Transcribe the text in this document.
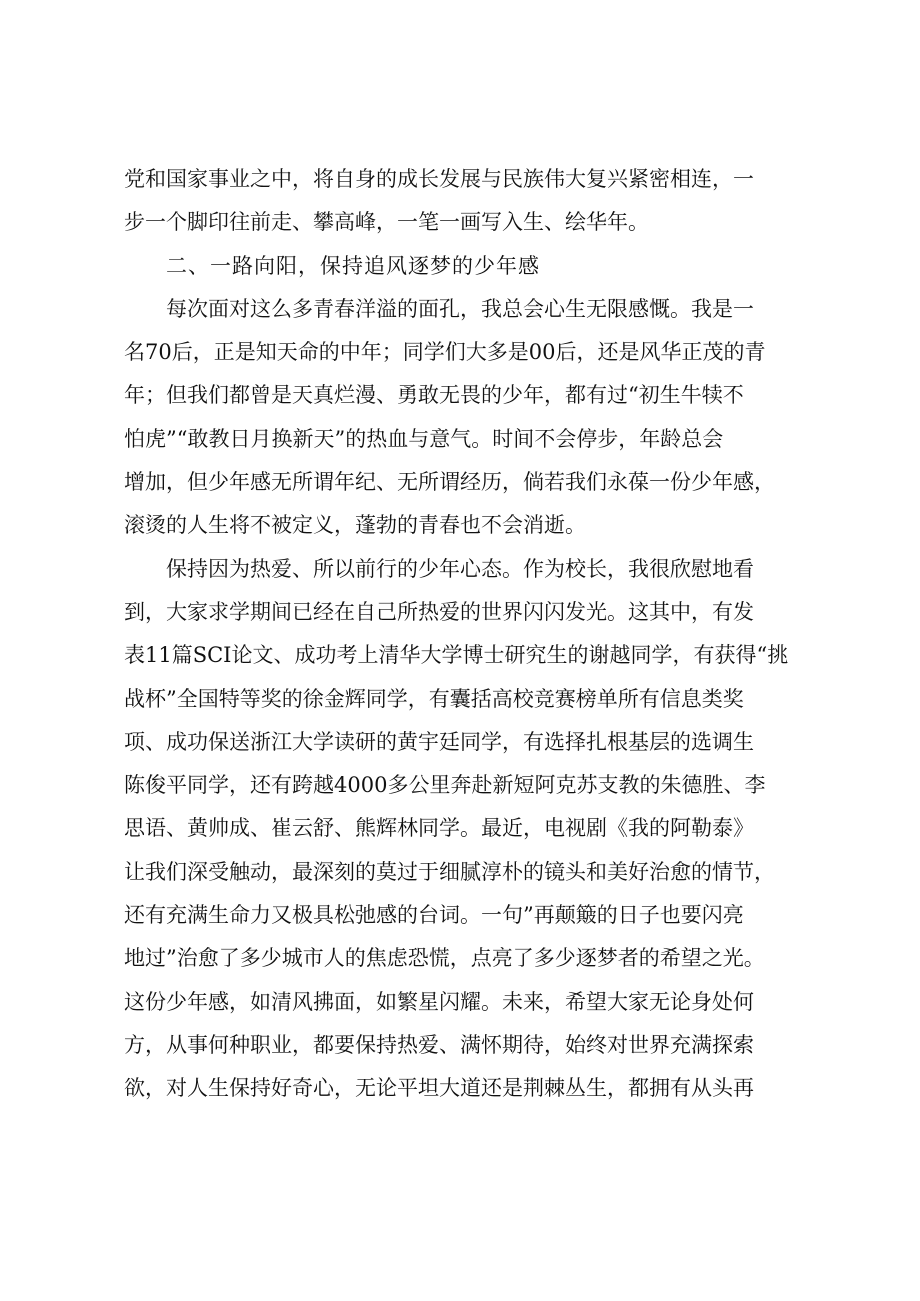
党和国家事业之中，将自身的成长发展与民族伟大复兴紧密相连，一
步一个脚印往前走、攀高峰，一笔一画写入生、绘华年。
二、一路向阳，保持追风逐梦的少年感
每次面对这么多青春洋溢的面孔，我总会心生无限感慨。我是一
名70后，正是知天命的中年；同学们大多是00后，还是风华正茂的青
年；但我们都曾是天真烂漫、勇敢无畏的少年，都有过“初生牛犊不
怕虎”“敢教日月换新天”的热血与意气。时间不会停步，年龄总会
增加，但少年感无所谓年纪、无所谓经历，倘若我们永葆一份少年感，
滚烫的人生将不被定义，蓬勃的青春也不会消逝。
保持因为热爱、所以前行的少年心态。作为校长，我很欣慰地看
到，大家求学期间已经在自己所热爱的世界闪闪发光。这其中，有发
表11篇SCI论文、成功考上清华大学博士研究生的谢越同学，有获得“挑
战杯”全国特等奖的徐金辉同学，有囊括高校竞赛榜单所有信息类奖
项、成功保送浙江大学读研的黄宇廷同学，有选择扎根基层的选调生
陈俊平同学，还有跨越4000多公里奔赴新短阿克苏支教的朱德胜、李
思语、黄帅成、崔云舒、熊辉林同学。最近，电视剧《我的阿勒泰》
让我们深受触动，最深刻的莫过于细腻淳朴的镜头和美好治愈的情节，
还有充满生命力又极具松弛感的台词。一句”再颠簸的日子也要闪亮
地过”治愈了多少城市人的焦虑恐慌，点亮了多少逐梦者的希望之光。
这份少年感，如清风拂面，如繁星闪耀。未来，希望大家无论身处何
方，从事何种职业，都要保持热爱、满怀期待，始终对世界充满探索
欲，对人生保持好奇心，无论平坦大道还是荆棘丛生，都拥有从头再
